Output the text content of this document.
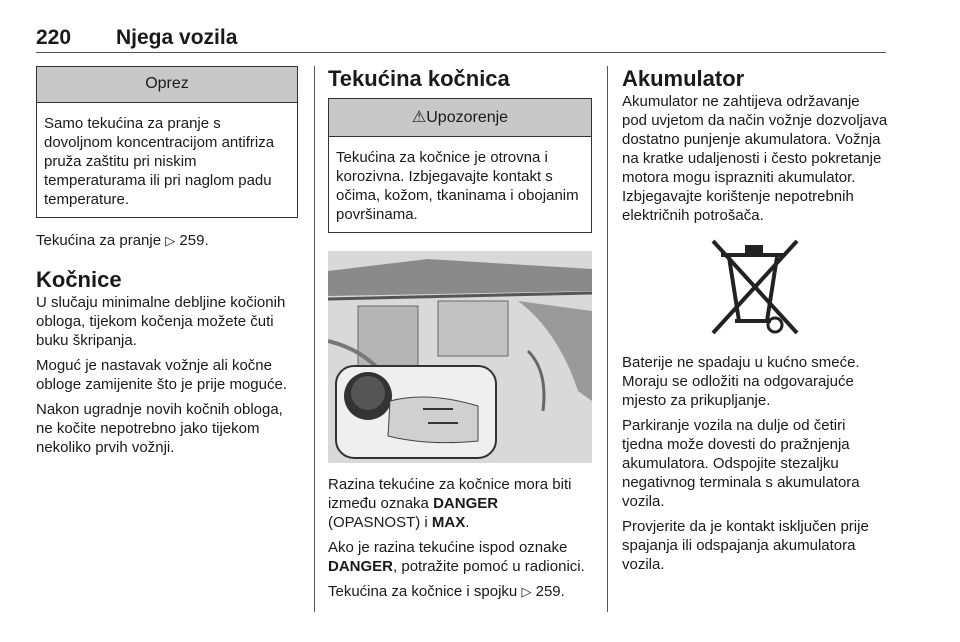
220 Njega vozila
Oprez
Samo tekućina za pranje s dovoljnom koncentracijom antifriza pruža zaštitu pri niskim temperaturama ili pri naglom padu temperature.

Tekućina za pranje ▷ 259.

Kočnice

U slučaju minimalne debljine kočionih obloga, tijekom kočenja možete čuti buku škripanja.

Moguć je nastavak vožnje ali kočne obloge zamijenite što je prije moguće.

Nakon ugradnje novih kočnih obloga, ne kočite nepotrebno jako tijekom nekoliko prvih vožnji.

Tekućina kočnica
⚠Upozorenje
Tekućina za kočnice je otrovna i korozivna. Izbjegavajte kontakt s očima, kožom, tkaninama i obojanim površinama.

Razina tekućine za kočnice mora biti između oznaka DANGER (OPASNOST) i MAX.

Ako je razina tekućine ispod oznake DANGER, potražite pomoć u radionici.

Tekućina za kočnice i spojku ▷ 259.

Akumulator

Akumulator ne zahtijeva održavanje pod uvjetom da način vožnje dozvoljava dostatno punjenje akumulatora. Vožnja na kratke udaljenosti i često pokretanje motora mogu isprazniti akumulator.

Izbjegavajte korištenje nepotrebnih električnih potrošača.

Baterije ne spadaju u kućno smeće. Moraju se odložiti na odgovarajuće mjesto za prikupljanje.

Parkiranje vozila na dulje od četiri tjedna može dovesti do pražnjenja akumulatora. Odspojite stezaljku negativnog terminala s akumulatora vozila.

Provjerite da je kontakt isključen prije spajanja ili odspajanja akumulatora vozila.
